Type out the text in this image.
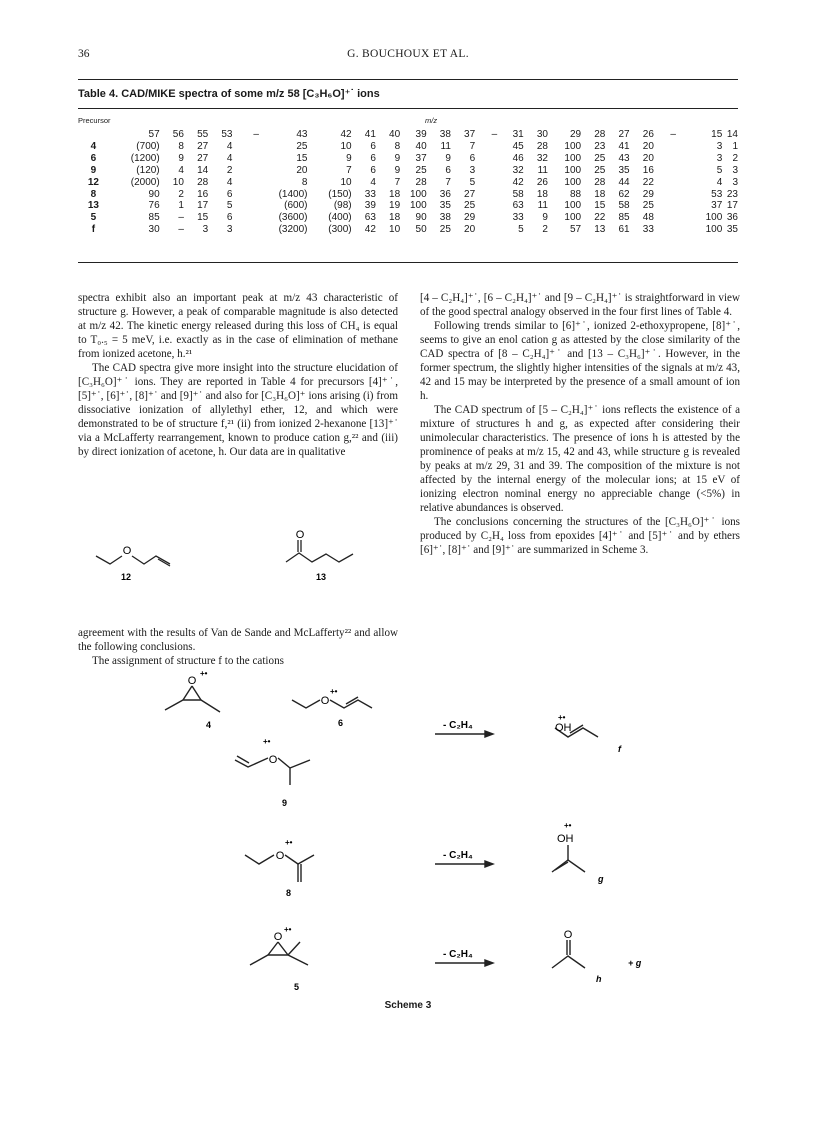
36	G. BOUCHOUX ET AL.
Table 4. CAD/MIKE spectra of some m/z 58 [C₃H₆O]⁺˙ ions
Precursor	m/z
	57	56	55	53	–	43	42	41	40	39	38	37	–	31	30	29	28	27	26	–	15	14
4	(700)	8	27	4		25	10	6	8	40	11	7		45	28	100	23	41	20		3	1
6	(1200)	9	27	4		15	9	6	9	37	9	6		46	32	100	25	43	20		3	2
9	(120)	4	14	2		20	7	6	9	25	6	3		32	11	100	25	35	16		5	3
12	(2000)	10	28	4		8	10	4	7	28	7	5		42	26	100	28	44	22		4	3
8	90	2	16	6		(1400)	(150)	33	18	100	36	27		58	18	88	18	62	29		53	23
13	76	1	17	5		(600)	(98)	39	19	100	35	25		63	11	100	15	58	25		37	17
5	85	–	15	6		(3600)	(400)	63	18	90	38	29		33	9	100	22	85	48		100	36
f	30	–	3	3		(3200)	(300)	42	10	50	25	20		5	2	57	13	61	33		100	35

spectra exhibit also an important peak at m/z 43 characteristic of structure g. However, a peak of comparable magnitude is also detected at m/z 42. The kinetic energy released during this loss of CH₄ is equal to T₀.₅ = 5 meV, i.e. exactly as in the case of elimination of methane from ionized acetone, h.²¹

The CAD spectra give more insight into the structure elucidation of [C₃H₆O]⁺˙ ions. They are reported in Table 4 for precursors [4]⁺˙, [5]⁺˙, [6]⁺˙, [8]⁺˙ and [9]⁺˙ and also for [C₃H₆O]⁺ ions arising (i) from dissociative ionization of allylethyl ether, 12, and which were demonstrated to be of structure f,²¹ (ii) from ionized 2-hexanone [13]⁺˙ via a McLafferty rearrangement, known to produce cation g,²² and (iii) by direct ionization of acetone, h. Our data are in qualitative

O
12
O
13

agreement with the results of Van de Sande and McLafferty²² and allow the following conclusions.

The assignment of structure f to the cations

[4 – C₂H₄]⁺˙, [6 – C₂H₄]⁺˙ and [9 – C₂H₄]⁺˙ is straightforward in view of the good spectral analogy observed in the four first lines of Table 4.

Following trends similar to [6]⁺˙, ionized 2-ethoxypropene, [8]⁺˙, seems to give an enol cation g as attested by the close similarity of the CAD spectra of [8 – C₂H₄]⁺˙ and [13 – C₃H₆]⁺˙. However, in the former spectrum, the slightly higher intensities of the signals at m/z 43, 42 and 15 may be interpreted by the presence of a small amount of ion h.

The CAD spectrum of [5 – C₂H₄]⁺˙ ions reflects the existence of a mixture of structures h and g, as expected after considering their unimolecular characteristics. The presence of ions h is attested by the prominence of peaks at m/z 15, 42 and 43, while structure g is revealed by peaks at m/z 29, 31 and 39. The composition of the mixture is not affected by the internal energy of the molecular ions; at 15 eV of ionizing electron nominal energy no appreciable change (<5%) in relative abundances is observed.

The conclusions concerning the structures of the [C₃H₆O]⁺˙ ions produced by C₂H₄ loss from epoxides [4]⁺˙ and [5]⁺˙ and by ethers [6]⁺˙, [8]⁺˙ and [9]⁺˙ are summarized in Scheme 3.

O
+•
O
+•
O
+•
O
+•
O
+•
+•
OH
+•
OH
O
4	6
9
8
5
f
g
h
+ g
- C₂H₄
- C₂H₄
- C₂H₄
Scheme 3
